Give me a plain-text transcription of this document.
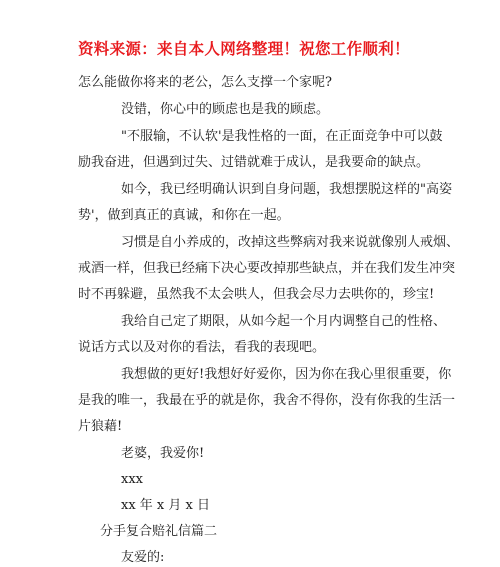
资料来源：来自本人网络整理！祝您工作顺利！
怎么能做你将来的老公，怎么支撑一个家呢?
没错，你心中的顾虑也是我的顾虑。
"不服输，不认软'是我性格的一面，在正面竞争中可以鼓
励我奋进，但遇到过失、过错就难于成认，是我要命的缺点。
如今，我已经明确认识到自身问题，我想摆脱这样的"高姿
势'，做到真正的真诚，和你在一起。
习惯是自小养成的，改掉这些弊病对我来说就像别人戒烟、
戒酒一样，但我已经痛下决心要改掉那些缺点，并在我们发生冲突
时不再躲避，虽然我不太会哄人，但我会尽力去哄你的，珍宝!
我给自己定了期限，从如今起一个月内调整自己的性格、
说话方式以及对你的看法，看我的表现吧。
我想做的更好!我想好好爱你，因为你在我心里很重要，你
是我的唯一，我最在乎的就是你，我舍不得你，没有你我的生活一
片狼藉!
老婆，我爱你!
xxx
xx 年 x 月 x 日
分手复合赔礼信篇二
友爱的:
